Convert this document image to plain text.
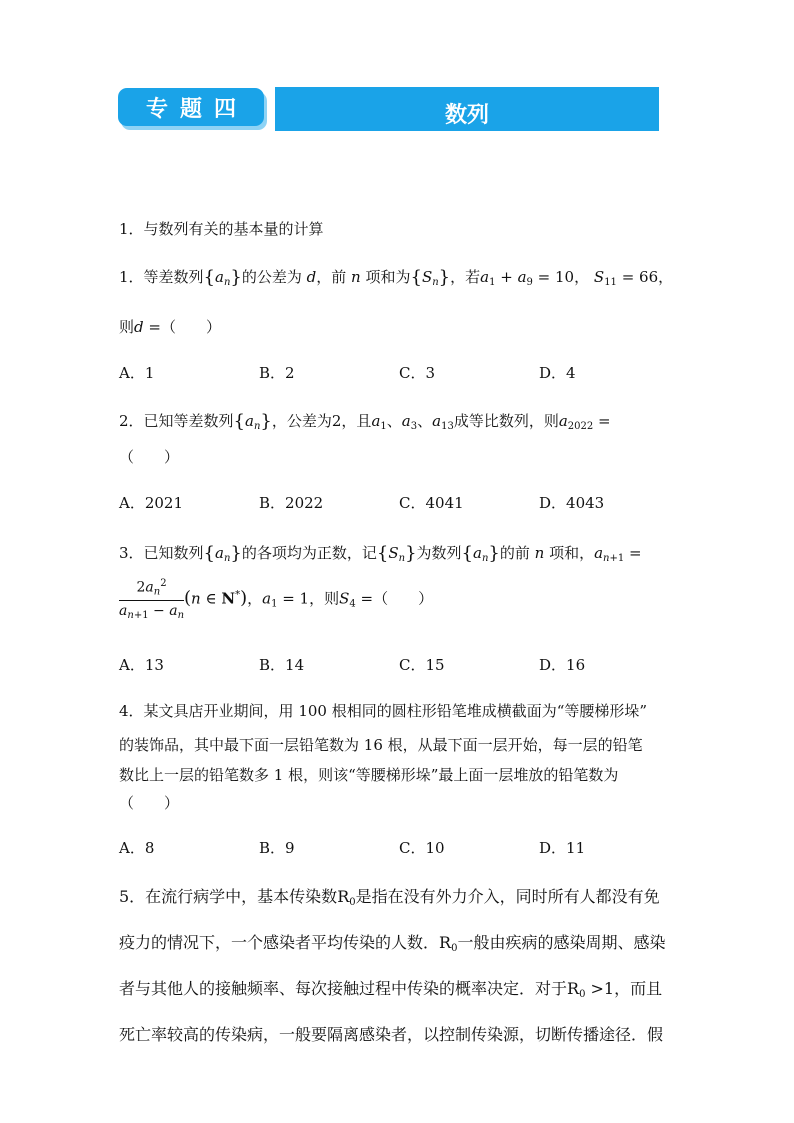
专题四	数列
1．与数列有关的基本量的计算
1．等差数列$\{a_n\}$的公差为 d，前 n 项和为$\{S_n\}$，若$a_1 + a_9 = 10$， $S_{11} = 66$，
则d =（　　）
A．1	B．2	C．3	D．4
2．已知等差数列$\{a_n\}$，公差为2，且$a_1$、$a_3$、$a_{13}$成等比数列，则$a_{2022}$ =
（　　）
A．2021	B．2022	C．4041	D．4043
3．已知数列$\{a_n\}$的各项均为正数，记$\{S_n\}$为数列$\{a_n\}$的前 n 项和，$a_{n+1}$ =
$\frac{2a_n^2}{a_{n+1} - a_n} (n$ ∈ N*)，$a_1 = 1$，则$S_4$ =（　　）
A．13	B．14	C．15	D．16
4．某文具店开业期间，用 100 根相同的圆柱形铅笔堆成横截面为“等腰梯形垛”
的装饰品，其中最下面一层铅笔数为 16 根，从最下面一层开始，每一层的铅笔
数比上一层的铅笔数多 1 根，则该“等腰梯形垛”最上面一层堆放的铅笔数为
（　　）
A．8	B．9	C．10	D．11
5．在流行病学中，基本传染数$R_0$是指在没有外力介入，同时所有人都没有免
疫力的情况下，一个感染者平均传染的人数．$R_0$一般由疾病的感染周期、感染
者与其他人的接触频率、每次接触过程中传染的概率决定．对于$R_0 >1$，而且
死亡率较高的传染病，一般要隔离感染者，以控制传染源，切断传播途径．假
